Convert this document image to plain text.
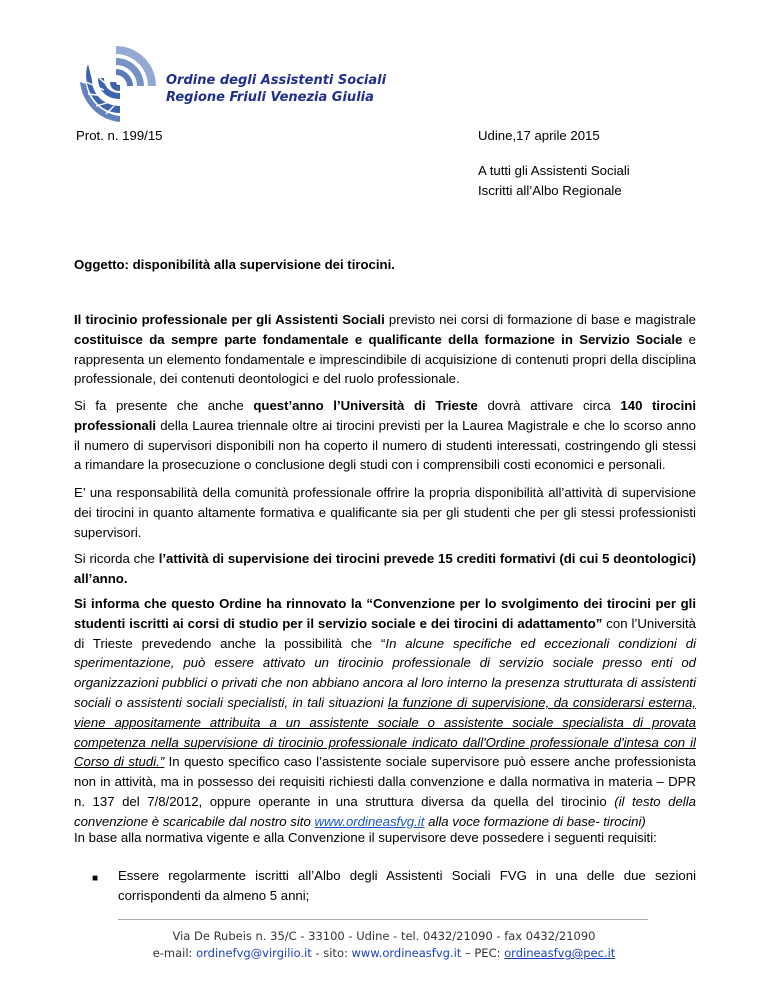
Ordine degli Assistenti Sociali
Regione Friuli Venezia Giulia
Prot. n. 199/15	Udine,17 aprile 2015
A tutti gli Assistenti Sociali
Iscritti all’Albo Regionale
Oggetto: disponibilità alla supervisione dei tirocini.

Il tirocinio professionale per gli Assistenti Sociali previsto nei corsi di formazione di base e magistrale costituisce da sempre parte fondamentale e qualificante della formazione in Servizio Sociale e rappresenta un elemento fondamentale e imprescindibile di acquisizione di contenuti propri della disciplina professionale, dei contenuti deontologici e del ruolo professionale.

Si fa presente che anche quest’anno l’Università di Trieste dovrà attivare circa 140 tirocini professionali della Laurea triennale oltre ai tirocini previsti per la Laurea Magistrale e che lo scorso anno il numero di supervisori disponibili non ha coperto il numero di studenti interessati, costringendo gli stessi a rimandare la prosecuzione o conclusione degli studi con i comprensibili costi economici e personali.

E’ una responsabilità della comunità professionale offrire la propria disponibilità all’attività di supervisione dei tirocini in quanto altamente formativa e qualificante sia per gli studenti che per gli stessi professionisti supervisori.

Si ricorda che l’attività di supervisione dei tirocini prevede 15 crediti formativi (di cui 5 deontologici) all’anno.

Si informa che questo Ordine ha rinnovato la “Convenzione per lo svolgimento dei tirocini per gli studenti iscritti ai corsi di studio per il servizio sociale e dei tirocini di adattamento” con l’Università di Trieste prevedendo anche la possibilità che “In alcune specifiche ed eccezionali condizioni di sperimentazione, può essere attivato un tirocinio professionale di servizio sociale presso enti od organizzazioni pubblici o privati che non abbiano ancora al loro interno la presenza strutturata di assistenti sociali o assistenti sociali specialisti, in tali situazioni la funzione di supervisione, da considerarsi esterna, viene appositamente attribuita a un assistente sociale o assistente sociale specialista di provata competenza nella supervisione di tirocinio professionale indicato dall'Ordine professionale d'intesa con il Corso di studi.” In questo specifico caso l’assistente sociale supervisore può essere anche professionista non in attività, ma in possesso dei requisiti richiesti dalla convenzione e dalla normativa in materia – DPR n. 137 del 7/8/2012, oppure operante in una struttura diversa da quella del tirocinio (il testo della convenzione è scaricabile dal nostro sito www.ordineasfvg.it alla voce formazione di base- tirocini)

In base alla normativa vigente e alla Convenzione il supervisore deve possedere i seguenti requisiti:

■ Essere regolarmente iscritti all’Albo degli Assistenti Sociali FVG in una delle due sezioni corrispondenti da almeno 5 anni;
Via De Rubeis n. 35/C - 33100 - Udine - tel. 0432/21090 - fax 0432/21090
e-mail: ordinefvg@virgilio.it - sito: www.ordineasfvg.it – PEC: ordineasfvg@pec.it
